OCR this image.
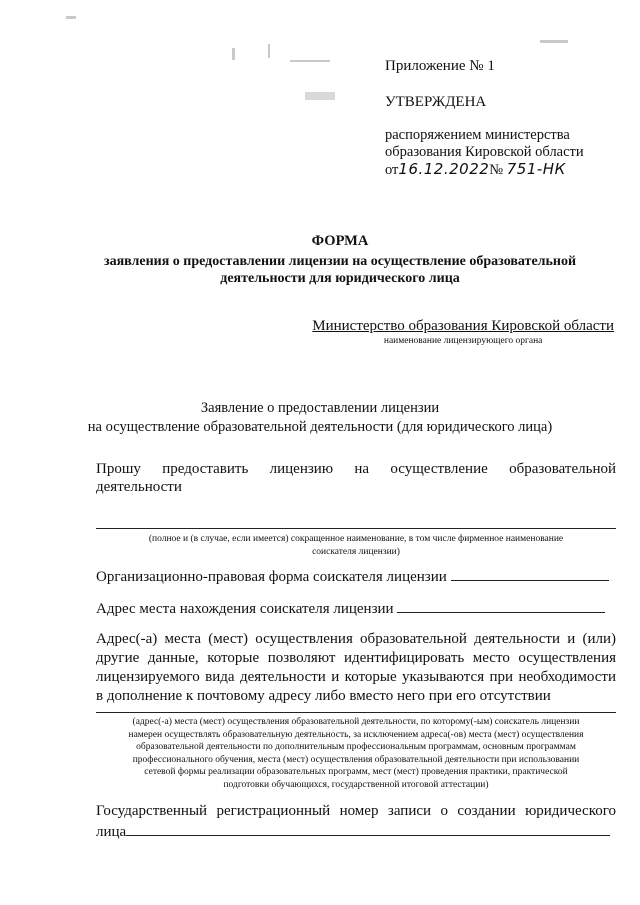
Приложение № 1
УТВЕРЖДЕНА
распоряжением министерства
образования Кировской области
от16.12.2022№ 751-НК
ФОРМА
заявления о предоставлении лицензии на осуществление образовательной
деятельности для юридического лица
Министерство образования Кировской области
наименование лицензирующего органа
Заявление о предоставлении лицензии
на осуществление образовательной деятельности (для юридического лица)
Прошу предоставить лицензию на осуществление образовательной
деятельности
(полное и (в случае, если имеется) сокращенное наименование, в том числе фирменное наименование
соискателя лицензии)
Организационно-правовая форма соискателя лицензии
Адрес места нахождения соискателя лицензии
Адрес(-а) места (мест) осуществления образовательной деятельности и (или)
другие данные, которые позволяют идентифицировать место осуществления
лицензируемого вида деятельности и которые указываются при необходимости
в дополнение к почтовому адресу либо вместо него при его отсутствии
(адрес(-а) места (мест) осуществления образовательной деятельности, по которому(-ым) соискатель лицензии
намерен осуществлять образовательную деятельность, за исключением адреса(-ов) места (мест) осуществления
образовательной деятельности по дополнительным профессиональным программам, основным программам
профессионального обучения, места (мест) осуществления образовательной деятельности при использовании
сетевой формы реализации образовательных программ, мест (мест) проведения практики, практической
подготовки обучающихся, государственной итоговой аттестации)
Государственный регистрационный номер записи о создании юридического
лица
